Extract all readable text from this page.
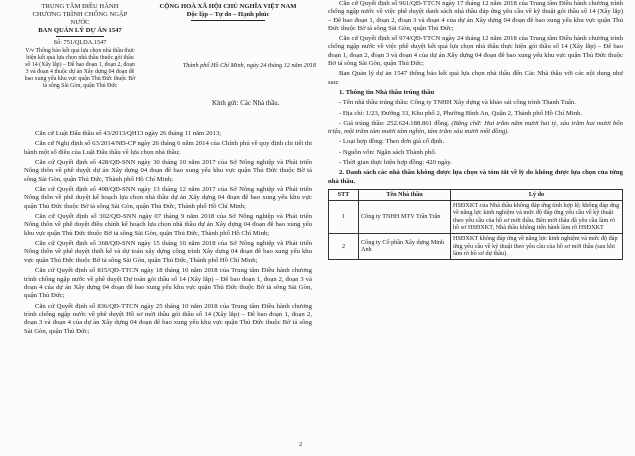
TRUNG TÂM ĐIỀU HÀNH
CHƯƠNG TRÌNH CHỐNG NGẬP NƯỚC
BAN QUẢN LÝ DỰ ÁN 1547
Số: 751/QLDA.1547
V/v Thông báo kết quả lựa chọn nhà thầu thực hiện kết quả lựa chọn nhà thầu thuộc gói thầu số 14 (Xây lắp) – Đê bao đoạn 1, đoạn 2, đoạn 3 và đoạn 4 thuộc dự án Xây dựng 04 đoạn đê bao xung yếu khu vực quận Thủ Đức thuộc Bờ tả sông Sài Gòn, quận Thủ Đức
CỘNG HOÀ XÃ HỘI CHỦ NGHĨA VIỆT NAM
Độc lập – Tự do – Hạnh phúc
Thành phố Hồ Chí Minh, ngày 24 tháng 12 năm 2018
Kính gửi: Các Nhà thầu.

Căn cứ Luật Đấu thầu số 43/2013/QH13 ngày 26 tháng 11 năm 2013;

Căn cứ Nghị định số 63/2014/NĐ-CP ngày 26 tháng 6 năm 2014 của Chính phủ về quy định chi tiết thi hành một số điều của Luật Đấu thầu về lựa chọn nhà thầu;

Căn cứ Quyết định số 428/QĐ-SNN ngày 30 tháng 10 năm 2017 của Sở Nông nghiệp và Phát triển Nông thôn về phê duyệt dự án Xây dựng 04 đoạn đê bao xung yếu khu vực quận Thủ Đức thuộc Bờ tả sông Sài Gòn, quận Thủ Đức, Thành phố Hồ Chí Minh;

Căn cứ Quyết định số 498/QĐ-SNN ngày 13 tháng 12 năm 2017 của Sở Nông nghiệp và Phát triển Nông thôn về phê duyệt kế hoạch lựa chọn nhà thầu dự án Xây dựng 04 đoạn đê bao xung yếu khu vực quận Thủ Đức thuộc Bờ tả sông Sài Gòn, quận Thủ Đức, Thành phố Hồ Chí Minh;

Căn cứ Quyết định số 302/QĐ-SNN ngày 07 tháng 9 năm 2018 của Sở Nông nghiệp và Phát triển Nông thôn về phê duyệt điều chỉnh kế hoạch lựa chọn nhà thầu dự án Xây dựng 04 đoạn đê bao xung yếu khu vực quận Thủ Đức thuộc Bờ tả sông Sài Gòn, quận Thủ Đức, Thành phố Hồ Chí Minh;

Căn cứ Quyết định số 368/QĐ-SNN ngày 15 tháng 10 năm 2018 của Sở Nông nghiệp và Phát triển Nông thôn về phê duyệt thiết kế và dự toán xây dựng công trình Xây dựng 04 đoạn đê bao xung yếu khu vực quận Thủ Đức thuộc Bờ tả sông Sài Gòn, quận Thủ Đức, Thành phố Hồ Chí Minh;

Căn cứ Quyết định số 815/QĐ-TTCN ngày 18 tháng 10 năm 2018 của Trung tâm Điều hành chương trình chống ngập nước về phê duyệt Dự toán gói thầu số 14 (Xây lắp) – Đê bao đoạn 1, đoạn 2, đoạn 3 và đoạn 4 của dự án Xây dựng 04 đoạn đê bao xung yếu khu vực quận Thủ Đức thuộc Bờ tả sông Sài Gòn, quận Thủ Đức;

Căn cứ Quyết định số 836/QĐ-TTCN ngày 25 tháng 10 năm 2018 của Trung tâm Điều hành chương trình chống ngập nước về phê duyệt Hồ sơ mời thầu gói thầu số 14 (Xây lắp) – Đê bao đoạn 1, đoạn 2, đoạn 3 và đoạn 4 của dự án Xây dựng 04 đoạn đê bao xung yếu khu vực quận Thủ Đức thuộc Bờ tả sông Sài Gòn, quận Thủ Đức;

Căn cứ Quyết định số 961/QĐ-TTCN ngày 17 tháng 12 năm 2018 của Trung tâm Điều hành chương trình chống ngập nước về việc phê duyệt danh sách nhà thầu đáp ứng yêu cầu về kỹ thuật gói thầu số 14 (Xây lắp) – Đê bao đoạn 1, đoạn 2, đoạn 3 và đoạn 4 của dự án Xây dựng 04 đoạn đê bao xung yếu khu vực quận Thủ Đức thuộc Bờ tả sông Sài Gòn, quận Thủ Đức;

Căn cứ Quyết định số 974/QĐ-TTCN ngày 24 tháng 12 năm 2018 của Trung tâm Điều hành chương trình chống ngập nước về việc phê duyệt kết quả lựa chọn nhà thầu thực hiện gói thầu số 14 (Xây lắp) – Đê bao đoạn 1, đoạn 2, đoạn 3 và đoạn 4 của dự án Xây dựng 04 đoạn đê bao xung yếu khu vực quận Thủ Đức thuộc Bờ tả sông Sài Gòn, quận Thủ Đức;

Ban Quản lý dự án 1547 thông báo kết quả lựa chọn nhà thầu đến Các Nhà thầu với các nội dung như sau:

1. Thông tin Nhà thầu trúng thầu

- Tên nhà thầu trúng thầu: Công ty TNHH Xây dựng và khảo sát công trình Thanh Tuấn.

- Địa chỉ: 1/23, Đường 33, Khu phố 2, Phường Bình An, Quận 2, Thành phố Hồ Chí Minh.

- Giá trúng thầu: 252.624.188.861 đồng. (Bằng chữ: Hai trăm năm mươi hai tỷ, sáu trăm hai mươi bốn triệu, một trăm tám mươi tám nghìn, tám trăm sáu mươi mốt đồng).

- Loại hợp đồng: Theo đơn giá cố định.

- Nguồn vốn: Ngân sách Thành phố.

- Thời gian thực hiện hợp đồng: 420 ngày.

2. Danh sách các nhà thầu không được lựa chọn và tóm tắt về lý do không được lựa chọn của từng nhà thầu.

STT	Tên Nhà thầu	Lý do
1	Công ty TNHH MTV Trần Trân	HSĐXKT của Nhà thầu không đáp ứng tính hợp lệ; không đáp ứng về năng lực kinh nghiệm và mức độ đáp ứng yêu cầu về kỹ thuật theo yêu cầu của hồ sơ mời thầu. Bên mời thầu đã yêu cầu làm rõ hồ sơ HSĐXKT, Nhà thầu không tiến hành làm rõ HSĐXKT
2	Công ty Cổ phần Xây dựng Minh Anh	HSĐXKT không đáp ứng về năng lực kinh nghiệm và mức độ đáp ứng yêu cầu về kỹ thuật theo yêu cầu của hồ sơ mời thầu (sau khi làm rõ hồ sơ dự thầu).
2
